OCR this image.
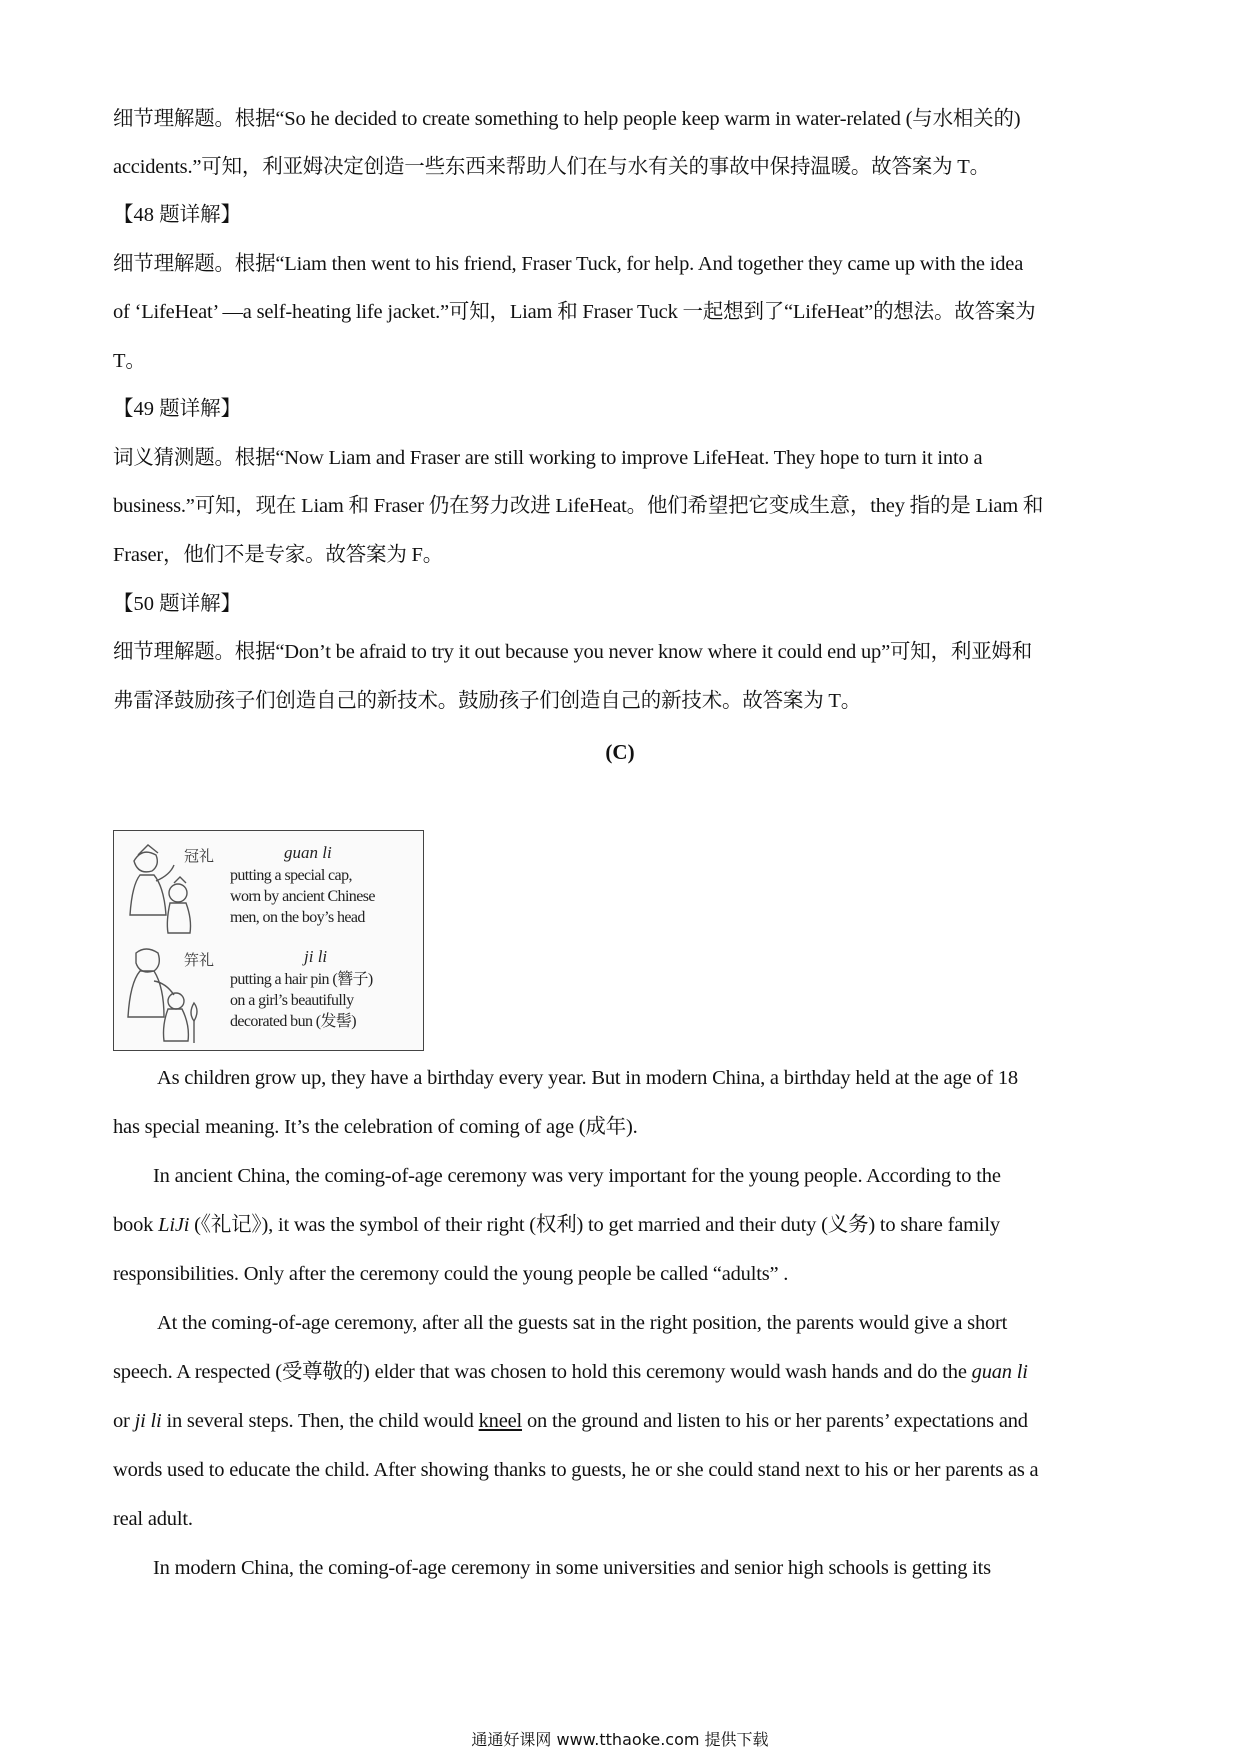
细节理解题。根据“So he decided to create something to help people keep warm in water-related (与水相关的)
accidents.”可知，利亚姆决定创造一些东西来帮助人们在与水有关的事故中保持温暖。故答案为 T。
【48 题详解】
细节理解题。根据“Liam then went to his friend, Fraser Tuck, for help. And together they came up with the idea
of ‘LifeHeat’ —a self-heating life jacket.”可知，Liam 和 Fraser Tuck 一起想到了“LifeHeat”的想法。故答案为
T。
【49 题详解】
词义猜测题。根据“Now Liam and Fraser are still working to improve LifeHeat. They hope to turn it into a
business.”可知，现在 Liam 和 Fraser 仍在努力改进 LifeHeat。他们希望把它变成生意，they 指的是 Liam 和
Fraser，他们不是专家。故答案为 F。
【50 题详解】
细节理解题。根据“Don’t be afraid to try it out because you never know where it could end up”可知，利亚姆和
弗雷泽鼓励孩子们创造自己的新技术。鼓励孩子们创造自己的新技术。故答案为 T。
(C)
冠礼	guan li
putting a special cap,
worn by ancient Chinese
men, on the boy’s head
笄礼	ji li
putting a hair pin (簪子)
on a girl’s beautifully
decorated bun (发髻)
As children grow up, they have a birthday every year. But in modern China, a birthday held at the age of 18
has special meaning. It’s the celebration of coming of age (成年).
In ancient China, the coming-of-age ceremony was very important for the young people. According to the
book LiJi (《礼记》), it was the symbol of their right (权利) to get married and their duty (义务) to share family
responsibilities. Only after the ceremony could the young people be called “adults” .
At the coming-of-age ceremony, after all the guests sat in the right position, the parents would give a short
speech. A respected (受尊敬的) elder that was chosen to hold this ceremony would wash hands and do the guan li
or ji li in several steps. Then, the child would kneel on the ground and listen to his or her parents’ expectations and
words used to educate the child. After showing thanks to guests, he or she could stand next to his or her parents as a
real adult.
In modern China, the coming-of-age ceremony in some universities and senior high schools is getting its
通通好课网 www.tthaoke.com 提供下载
